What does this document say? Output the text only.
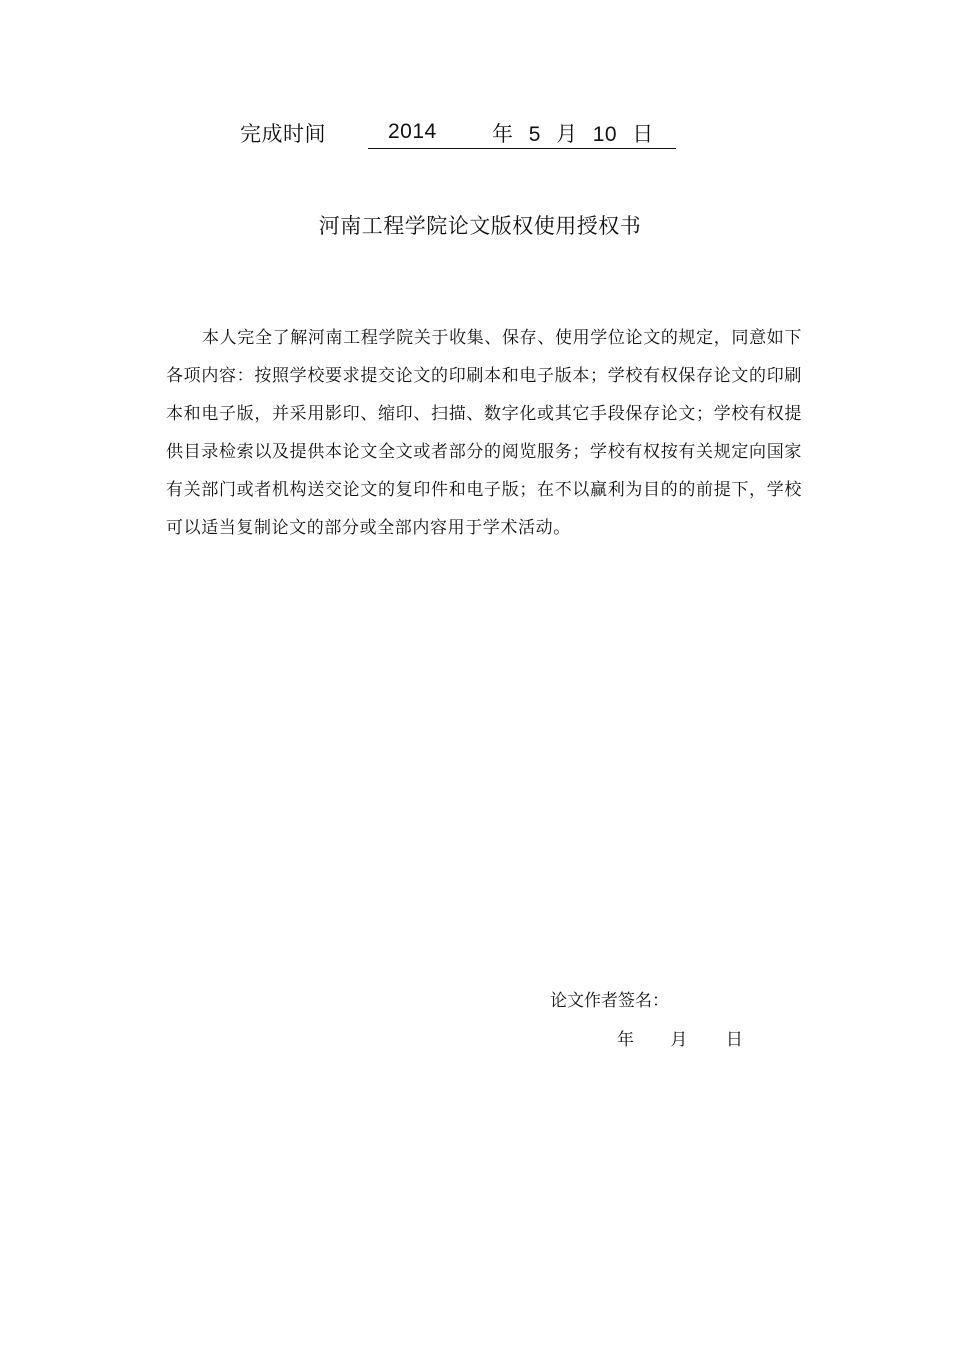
完成时间	2014	年 5 月 10 日
河南工程学院论文版权使用授权书

本人完全了解河南工程学院关于收集、保存、使用学位论文的规定，同意如下各项内容：按照学校要求提交论文的印刷本和电子版本；学校有权保存论文的印刷本和电子版，并采用影印、缩印、扫描、数字化或其它手段保存论文；学校有权提供目录检索以及提供本论文全文或者部分的阅览服务；学校有权按有关规定向国家有关部门或者机构送交论文的复印件和电子版；在不以赢利为目的的前提下，学校可以适当复制论文的部分或全部内容用于学术活动。

论文作者签名：
年 月 日
